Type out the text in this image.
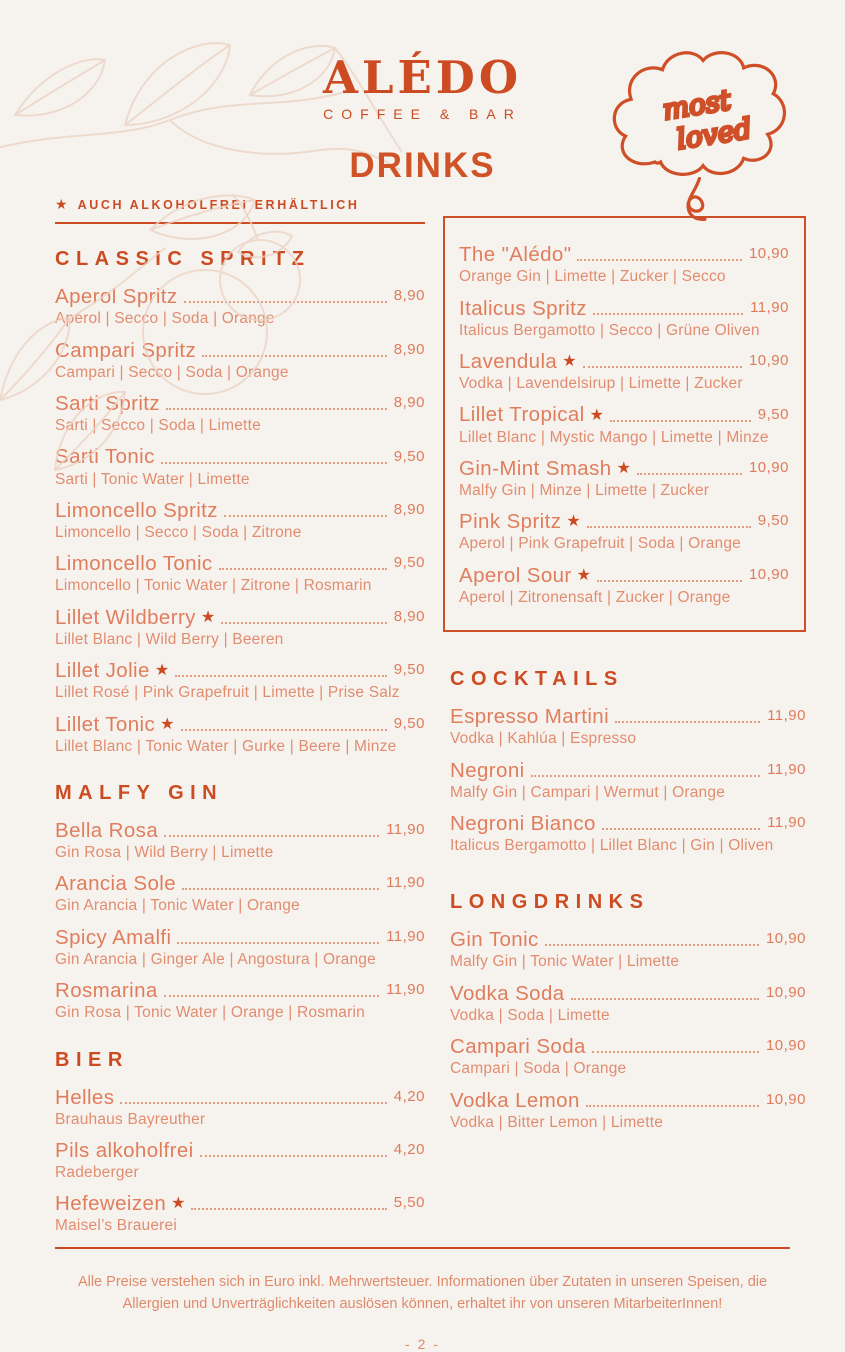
ALÉDO
COFFEE & BAR
DRINKS
most
loved
★ AUCH ALKOHOLFREI ERHÄLTLICH
CLASSIC SPRITZ
Aperol Spritz	8,90
Aperol | Secco | Soda | Orange
Campari Spritz	8,90
Campari | Secco | Soda | Orange
Sarti Spritz	8,90
Sarti | Secco | Soda | Limette
Sarti Tonic	9,50
Sarti | Tonic Water | Limette
Limoncello Spritz	8,90
Limoncello | Secco | Soda | Zitrone
Limoncello Tonic	9,50
Limoncello | Tonic Water | Zitrone | Rosmarin
Lillet Wildberry ★	8,90
Lillet Blanc | Wild Berry | Beeren
Lillet Jolie ★	9,50
Lillet Rosé | Pink Grapefruit | Limette | Prise Salz
Lillet Tonic ★	9,50
Lillet Blanc | Tonic Water | Gurke | Beere | Minze
MALFY GIN
Bella Rosa	11,90
Gin Rosa | Wild Berry | Limette
Arancia Sole	11,90
Gin Arancia | Tonic Water | Orange
Spicy Amalfi	11,90
Gin Arancia | Ginger Ale | Angostura | Orange
Rosmarina	11,90
Gin Rosa | Tonic Water | Orange | Rosmarin
BIER
Helles	4,20
Brauhaus Bayreuther
Pils alkoholfrei	4,20
Radeberger
Hefeweizen ★	5,50
Maisel’s Brauerei
The "Alédo"	10,90
Orange Gin | Limette | Zucker | Secco
Italicus Spritz	11,90
Italicus Bergamotto | Secco | Grüne Oliven
Lavendula ★	10,90
Vodka | Lavendelsirup | Limette | Zucker
Lillet Tropical ★	9,50
Lillet Blanc | Mystic Mango | Limette | Minze
Gin-Mint Smash ★	10,90
Malfy Gin | Minze | Limette | Zucker
Pink Spritz ★	9,50
Aperol | Pink Grapefruit | Soda | Orange
Aperol Sour ★	10,90
Aperol | Zitronensaft | Zucker | Orange
COCKTAILS
Espresso Martini	11,90
Vodka | Kahlúa | Espresso
Negroni	11,90
Malfy Gin | Campari | Wermut | Orange
Negroni Bianco	11,90
Italicus Bergamotto | Lillet Blanc | Gin | Oliven
LONGDRINKS
Gin Tonic	10,90
Malfy Gin | Tonic Water | Limette
Vodka Soda	10,90
Vodka | Soda | Limette
Campari Soda	10,90
Campari | Soda | Orange
Vodka Lemon	10,90
Vodka | Bitter Lemon | Limette
Alle Preise verstehen sich in Euro inkl. Mehrwertsteuer. Informationen über Zutaten in unseren Speisen, die
Allergien und Unverträglichkeiten auslösen können, erhaltet ihr von unseren MitarbeiterInnen!
- 2 -
